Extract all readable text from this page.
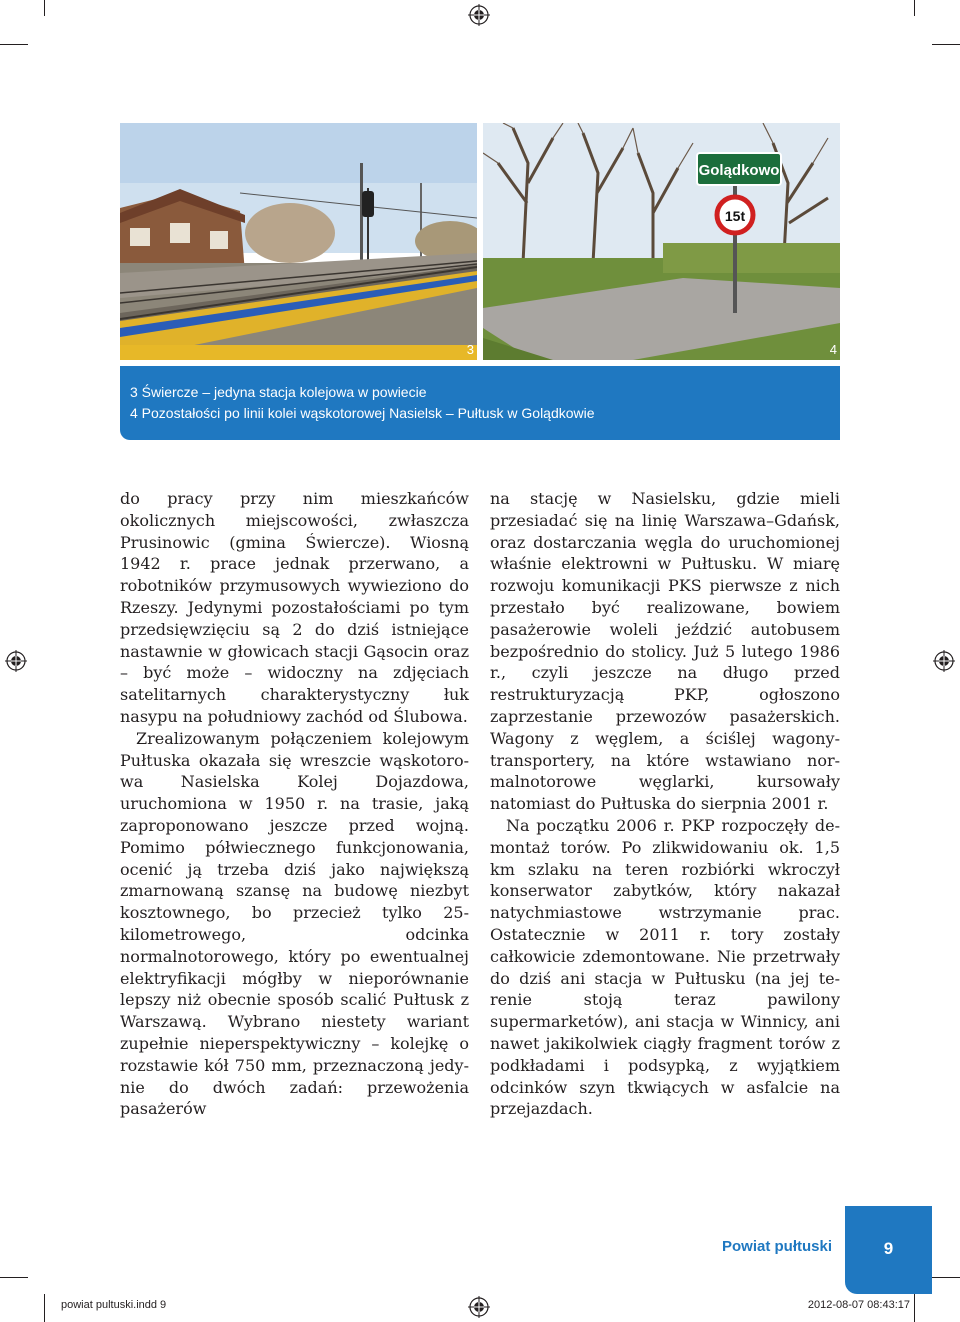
3
Golądkowo
15t
4
3 Świercze – jedyna stacja kolejowa w powiecie
4 Pozostałości po linii kolei wąskotorowej Nasielsk – Pułtusk w Golądkowie

do pracy przy nim mieszkańców okolicznych miejscowości, zwłaszcza Prusinowic (gmina Świercze). Wiosną 1942 r. prace jednak przerwano, a robotników przymusowych wywieziono do Rzeszy. Jedynymi pozostałościami po tym przedsięwzięciu są 2 do dziś istniejące nastawnie w głowicach stacji Gąsocin oraz – być może – widoczny na zdjęciach satelitarnych charakterystyczny łuk nasypu na południowy zachód od Ślubowa.

Zrealizowanym połączeniem kolejowym Pułtuska okazała się wreszcie wąskotorowa Nasielska Kolej Dojazdowa, uruchomiona w 1950 r. na trasie, jaką zaproponowano jeszcze przed wojną. Pomimo półwiecznego funkcjonowania, ocenić ją trzeba dziś jako największą zmarnowaną szansę na budowę niezbyt kosztownego, bo przecież tylko 25-kilometrowego, odcinka normalnotorowego, który po ewentualnej elektryfikacji mógłby w nieporównanie lepszy niż obecnie sposób scalić Pułtusk z Warszawą. Wybrano niestety wariant zupełnie nieperspektywiczny – kolejkę o rozstawie kół 750 mm, przeznaczoną jedynie do dwóch zadań: przewożenia pasażerów

na stację w Nasielsku, gdzie mieli przesiadać się na linię Warszawa–Gdańsk, oraz dostarczania węgla do uruchomionej właśnie elektrowni w Pułtusku. W miarę rozwoju komunikacji PKS pierwsze z nich przestało być realizowane, bowiem pasażerowie woleli jeździć autobusem bezpośrednio do stolicy. Już 5 lutego 1986 r., czyli jeszcze na długo przed restrukturyzacją PKP, ogłoszono zaprzestanie przewozów pasażerskich. Wagony z węglem, a ściślej wagony-transportery, na które wstawiano normalnotorowe węglarki, kursowały natomiast do Pułtuska do sierpnia 2001 r.

Na początku 2006 r. PKP rozpoczęły demontaż torów. Po zlikwidowaniu ok. 1,5 km szlaku na teren rozbiórki wkroczył konserwator zabytków, który nakazał natychmiastowe wstrzymanie prac. Ostatecznie w 2011 r. tory zostały całkowicie zdemontowane. Nie przetrwały do dziś ani stacja w Pułtusku (na jej terenie stoją teraz pawilony supermarketów), ani stacja w Winnicy, ani nawet jakikolwiek ciągły fragment torów z podkładami i podsypką, z wyjątkiem odcinków szyn tkwiących w asfalcie na przejazdach.

Powiat pułtuski	9
powiat pultuski.indd 9	2012-08-07 08:43:17
